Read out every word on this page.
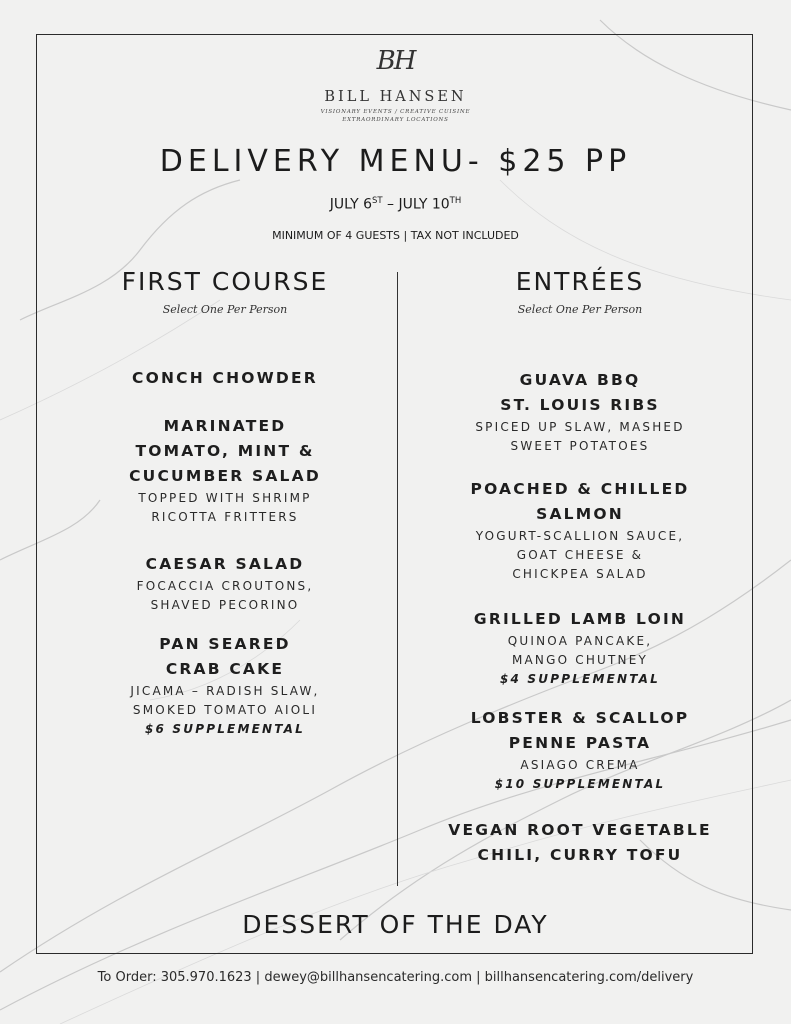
BH
BILL HANSEN
VISIONARY EVENTS / CREATIVE CUISINE
EXTRAORDINARY LOCATIONS
DELIVERY MENU- $25 PP
JULY 6ST – JULY 10TH
MINIMUM OF 4 GUESTS | TAX NOT INCLUDED
FIRST COURSE
Select One Per Person
ENTRÉES
Select One Per Person
CONCH CHOWDER
MARINATED
TOMATO, MINT &
CUCUMBER SALAD
TOPPED WITH SHRIMP
RICOTTA FRITTERS
CAESAR SALAD
FOCACCIA CROUTONS,
SHAVED PECORINO
PAN SEARED
CRAB CAKE
JICAMA – RADISH SLAW,
SMOKED TOMATO AIOLI
$6 SUPPLEMENTAL
GUAVA BBQ
ST. LOUIS RIBS
SPICED UP SLAW, MASHED
SWEET POTATOES
POACHED & CHILLED
SALMON
YOGURT-SCALLION SAUCE,
GOAT CHEESE &
CHICKPEA SALAD
GRILLED LAMB LOIN
QUINOA PANCAKE,
MANGO CHUTNEY
$4 SUPPLEMENTAL
LOBSTER & SCALLOP
PENNE PASTA
ASIAGO CREMA
$10 SUPPLEMENTAL
VEGAN ROOT VEGETABLE
CHILI, CURRY TOFU
DESSERT OF THE DAY
To Order: 305.970.1623 | dewey@billhansencatering.com | billhansencatering.com/delivery
